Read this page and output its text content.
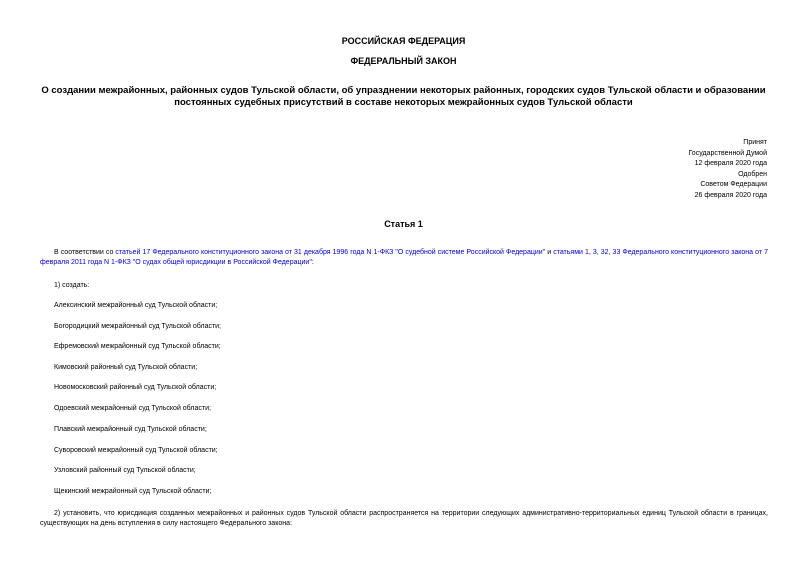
РОССИЙСКАЯ ФЕДЕРАЦИЯ
ФЕДЕРАЛЬНЫЙ ЗАКОН
О создании межрайонных, районных судов Тульской области, об упразднении некоторых районных, городских судов Тульской области и образовании постоянных судебных присутствий в составе некоторых межрайонных судов Тульской области
Принят
Государственной Думой
12 февраля 2020 года
Одобрен
Советом Федерации
26 февраля 2020 года
Статья 1
В соответствии со статьей 17 Федерального конституционного закона от 31 декабря 1996 года N 1-ФКЗ "О судебной системе Российской Федерации" и статьями 1, 3, 32, 33 Федерального конституционного закона от 7 февраля 2011 года N 1-ФКЗ "О судах общей юрисдикции в Российской Федерации":
1) создать:
Алексинский межрайонный суд Тульской области;
Богородицкий межрайонный суд Тульской области;
Ефремовский межрайонный суд Тульской области;
Кимовский районный суд Тульской области;
Новомосковский районный суд Тульской области;
Одоевский межрайонный суд Тульской области;
Плавский межрайонный суд Тульской области;
Суворовский межрайонный суд Тульской области;
Узловский районный суд Тульской области;
Щекинский межрайонный суд Тульской области;
2) установить, что юрисдикция созданных межрайонных и районных судов Тульской области распространяется на территории следующих административно-территориальных единиц Тульской области в границах, существующих на день вступления в силу настоящего Федерального закона:
